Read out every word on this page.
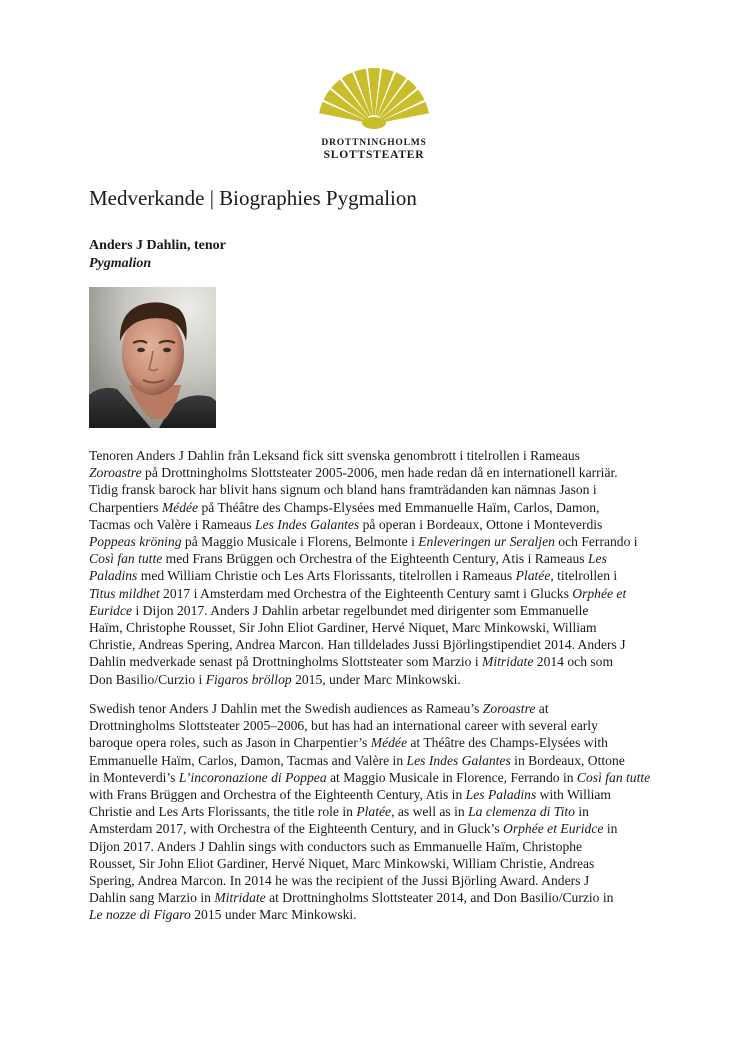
DROTTNINGHOLMS
SLOTTSTEATER
Medverkande | Biographies Pygmalion
Anders J Dahlin, tenor
Pygmalion
Tenoren Anders J Dahlin från Leksand fick sitt svenska genombrott i titelrollen i Rameaus
Zoroastre på Drottningholms Slottsteater 2005-2006, men hade redan då en internationell karriär.
Tidig fransk barock har blivit hans signum och bland hans framträdanden kan nämnas Jason i
Charpentiers Médée på Théâtre des Champs-Elysées med Emmanuelle Haïm, Carlos, Damon,
Tacmas och Valère i Rameaus Les Indes Galantes på operan i Bordeaux, Ottone i Monteverdis
Poppeas kröning på Maggio Musicale i Florens, Belmonte i Enleveringen ur Seraljen och Ferrando i
Così fan tutte med Frans Brüggen och Orchestra of the Eighteenth Century, Atis i Rameaus Les
Paladins med William Christie och Les Arts Florissants, titelrollen i Rameaus Platée, titelrollen i
Titus mildhet 2017 i Amsterdam med Orchestra of the Eighteenth Century samt i Glucks Orphée et
Euridce i Dijon 2017. Anders J Dahlin arbetar regelbundet med dirigenter som Emmanuelle
Haïm, Christophe Rousset, Sir John Eliot Gardiner, Hervé Niquet, Marc Minkowski, William
Christie, Andreas Spering, Andrea Marcon. Han tilldelades Jussi Björlingstipendiet 2014. Anders J
Dahlin medverkade senast på Drottningholms Slottsteater som Marzio i Mitridate 2014 och som
Don Basilio/Curzio i Figaros bröllop 2015, under Marc Minkowski.
Swedish tenor Anders J Dahlin met the Swedish audiences as Rameau’s Zoroastre at
Drottningholms Slottsteater 2005–2006, but has had an international career with several early
baroque opera roles, such as Jason in Charpentier’s Médée at Théâtre des Champs-Elysées with
Emmanuelle Haïm, Carlos, Damon, Tacmas and Valère in Les Indes Galantes in Bordeaux, Ottone
in Monteverdi’s L’incoronazione di Poppea at Maggio Musicale in Florence, Ferrando in Così fan tutte
with Frans Brüggen and Orchestra of the Eighteenth Century, Atis in Les Paladins with William
Christie and Les Arts Florissants, the title role in Platée, as well as in La clemenza di Tito in
Amsterdam 2017, with Orchestra of the Eighteenth Century, and in Gluck’s Orphée et Euridce in
Dijon 2017. Anders J Dahlin sings with conductors such as Emmanuelle Haïm, Christophe
Rousset, Sir John Eliot Gardiner, Hervé Niquet, Marc Minkowski, William Christie, Andreas
Spering, Andrea Marcon. In 2014 he was the recipient of the Jussi Björling Award. Anders J
Dahlin sang Marzio in Mitridate at Drottningholms Slottsteater 2014, and Don Basilio/Curzio in
Le nozze di Figaro 2015 under Marc Minkowski.
